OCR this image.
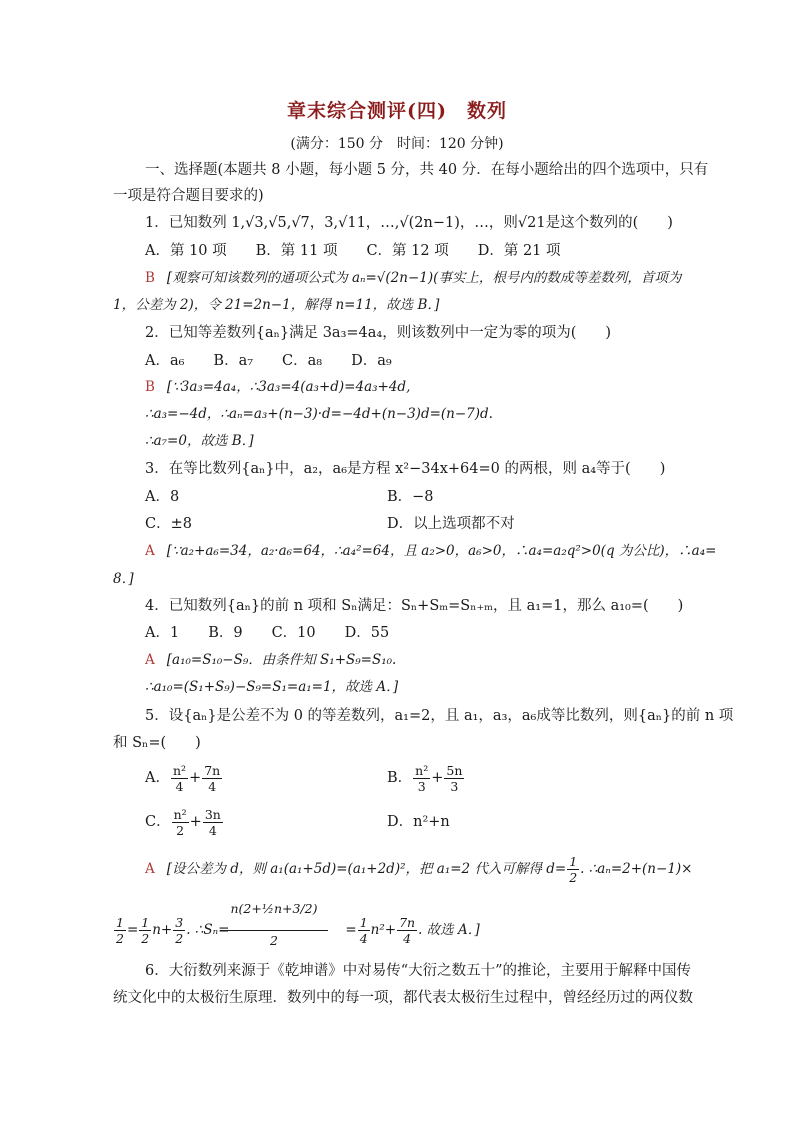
章末综合测评(四)　 数列
(满分：150 分　时间：120 分钟)
一、选择题(本题共 8 小题，每小题 5 分，共 40 分．在每小题给出的四个选项中，只有
一项是符合题目要求的)
1．已知数列 1,√3,√5,√7，3,√11，…,√(2n−1)，…，则√21是这个数列的(　　)
A．第 10 项　　B．第 11 项　　C．第 12 项　　D．第 21 项
B [观察可知该数列的通项公式为 aₙ=√(2n−1)(事实上，根号内的数成等差数列，首项为
1，公差为 2)，令 21=2n−1，解得 n=11，故选 B．]
2．已知等差数列{aₙ}满足 3a₃=4a₄，则该数列中一定为零的项为(　　)
A．a₆　　B．a₇　　C．a₈　　D．a₉
B [∵3a₃=4a₄，∴3a₃=4(a₃+d)=4a₃+4d,
∴a₃=−4d，∴aₙ=a₃+(n−3)·d=−4d+(n−3)d=(n−7)d.
∴a₇=0，故选 B．]
3．在等比数列{aₙ}中，a₂，a₆是方程 x²−34x+64=0 的两根，则 a₄等于(　　)
A．8	B．−8
C．±8	D．以上选项都不对
A [∵a₂+a₆=34，a₂·a₆=64，∴a₄²=64，且 a₂>0，a₆>0，∴a₄=a₂q²>0(q 为公比)，∴a₄=
8．]
4．已知数列{aₙ}的前 n 项和 Sₙ满足：Sₙ+Sₘ=Sₙ₊ₘ，且 a₁=1，那么 a₁₀=(　　)
A．1　　B．9　　C．10　　D．55
A [a₁₀=S₁₀−S₉．由条件知 S₁+S₉=S₁₀.
∴a₁₀=(S₁+S₉)−S₉=S₁=a₁=1，故选 A．]
5．设{aₙ}是公差不为 0 的等差数列，a₁=2，且 a₁，a₃，a₆成等比数列，则{aₙ}的前 n 项
和 Sₙ=(　　)
A． $\frac{\text{n²}}{4} + \frac{7n}{4}$	B． $\frac{\text{n²}}{3} + \frac{5n}{3}$
C． $\frac{\text{n²}}{2} + \frac{3n}{4}$	D．n²+n
A [设公差为 d，则 a₁(a₁+5d)=(a₁+2d)²，把 a₁=2 代入可解得 $d= \frac{1}{2}$ . ∴aₙ=2+(n−1)×
$\frac{1}{2} = \frac{1}{2} n+ \frac{3}{2}$ . ∴Sₙ=	= $\frac{1}{4} n^2+ \frac{7n}{4}$ . 故选 A．]
$\frac{\text{n(2+½n+3/2)}}{2}$
6．大衍数列来源于《乾坤谱》中对易传“大衍之数五十”的推论，主要用于解释中国传
统文化中的太极衍生原理．数列中的每一项，都代表太极衍生过程中，曾经经历过的两仪数
